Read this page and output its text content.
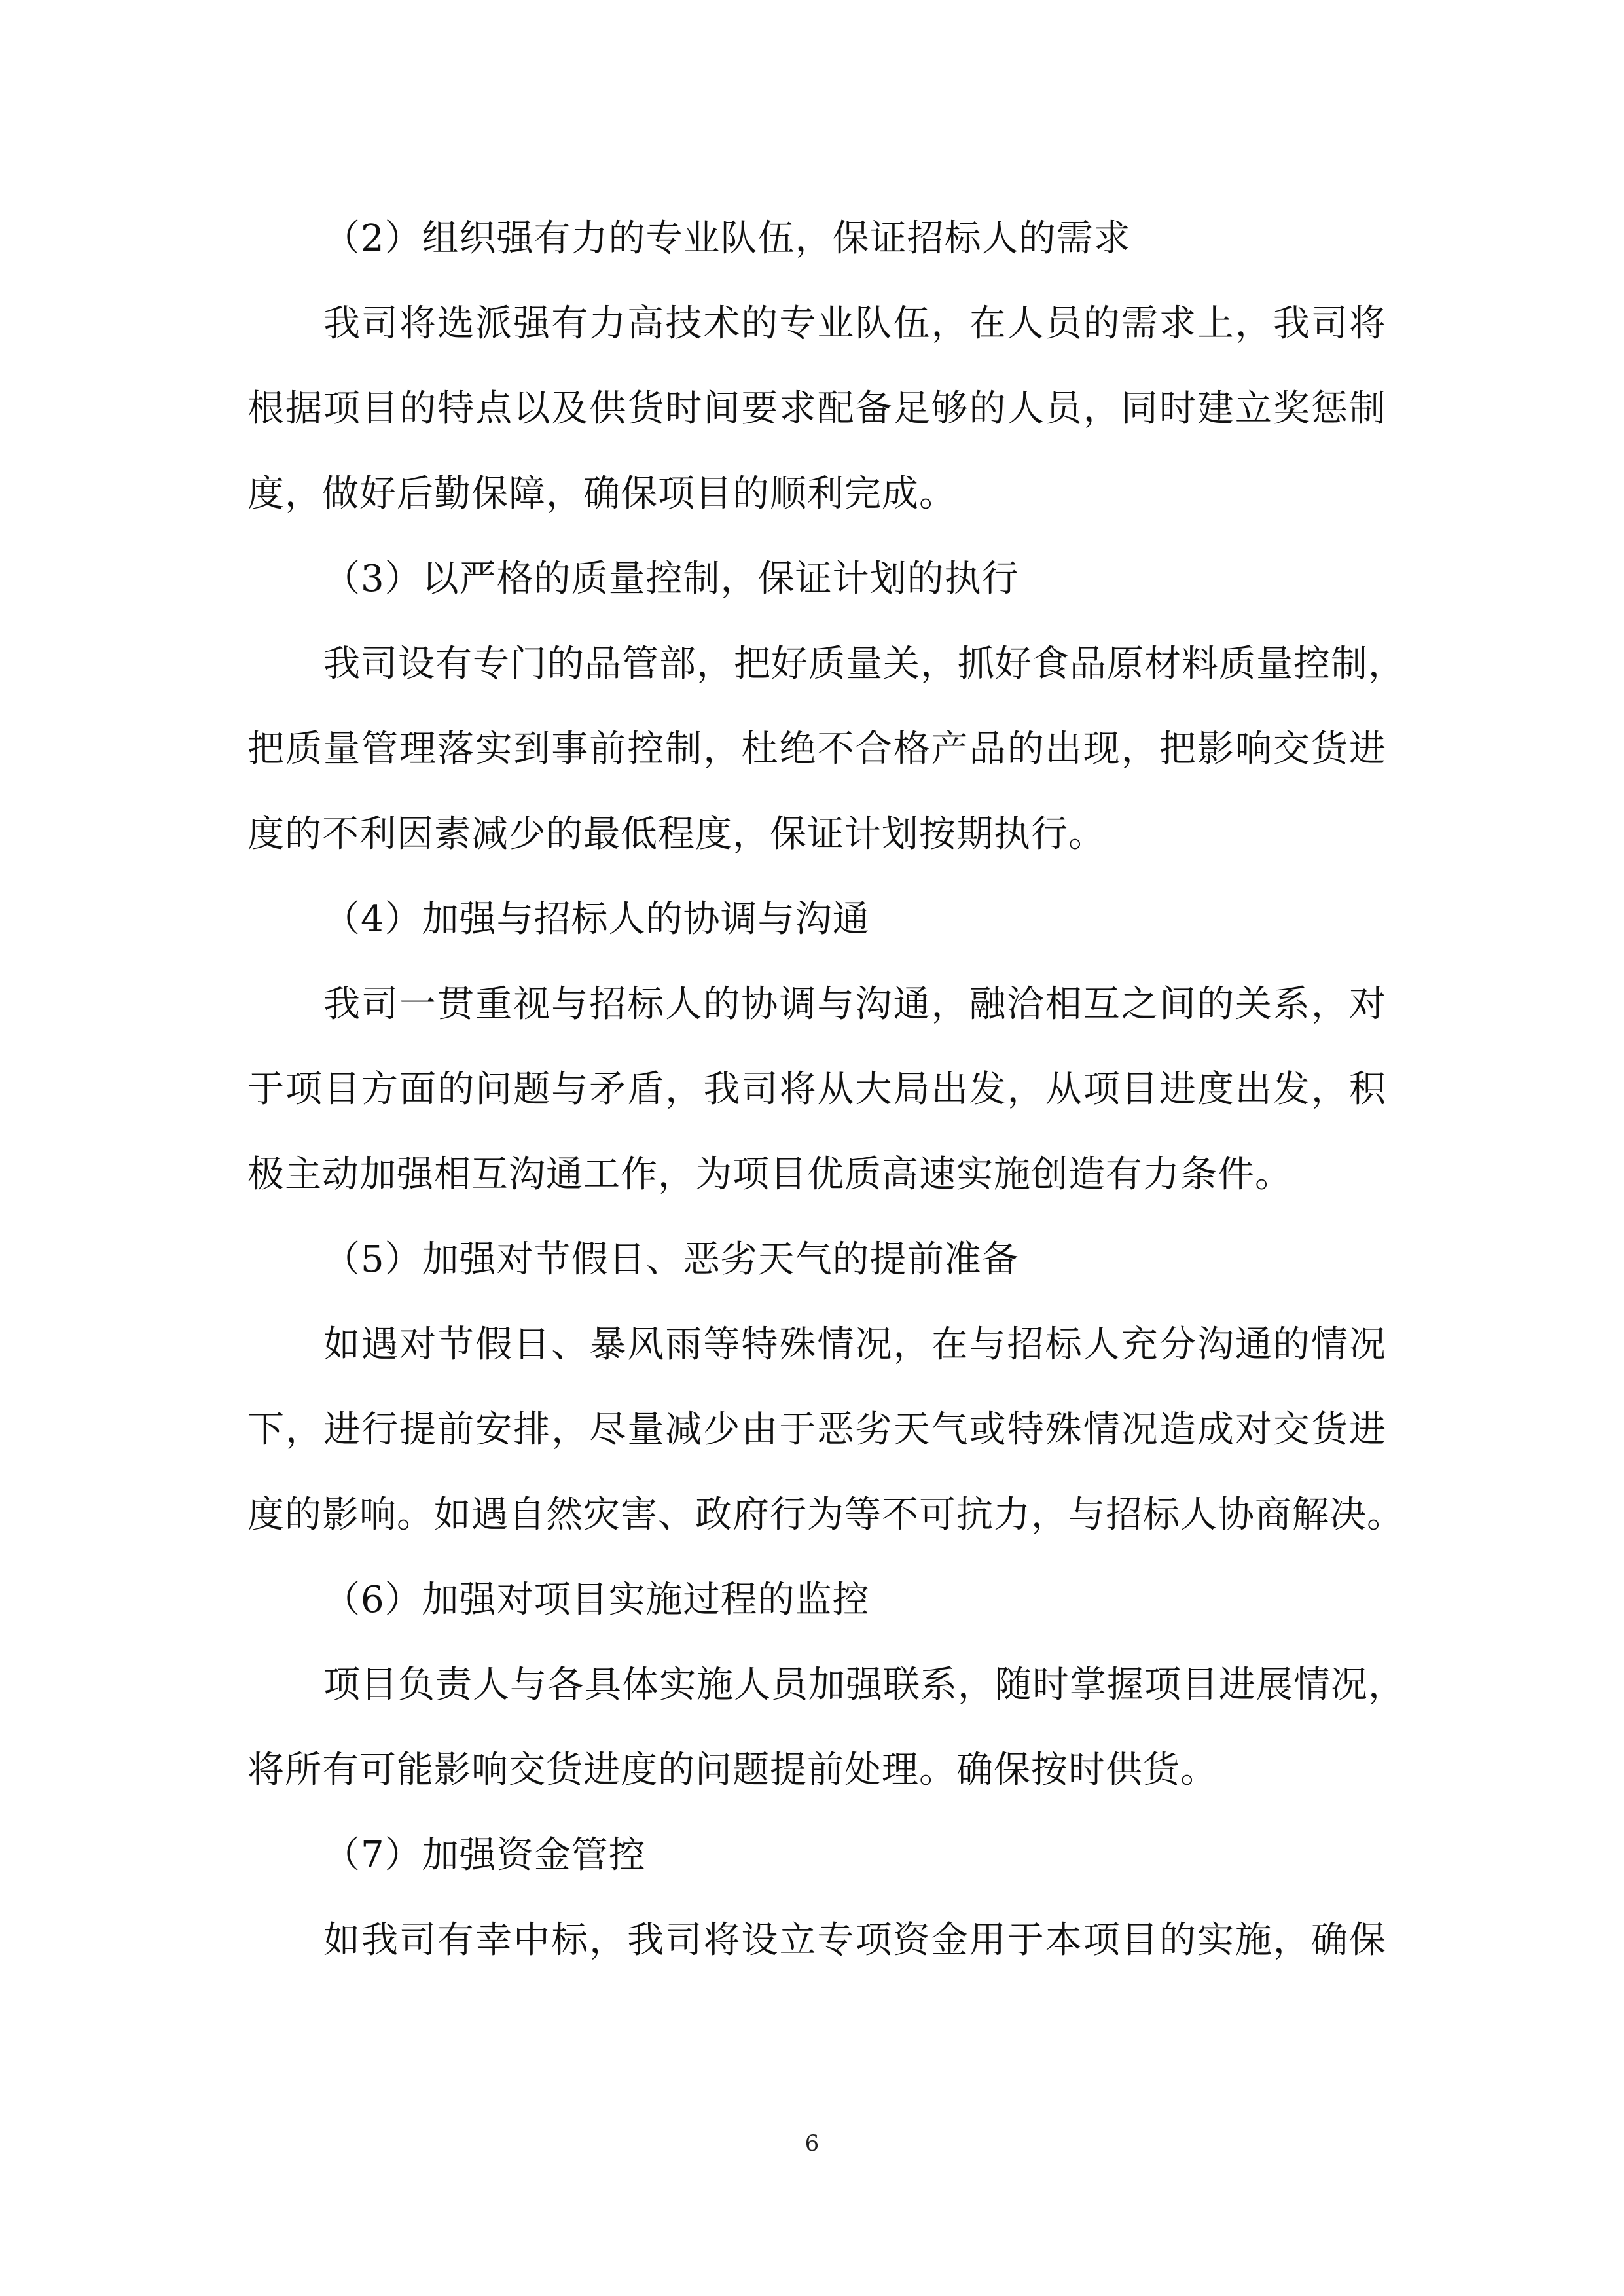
（2）组织强有力的专业队伍，保证招标人的需求
我司将选派强有力高技术的专业队伍，在人员的需求上，我司将
根据项目的特点以及供货时间要求配备足够的人员，同时建立奖惩制
度，做好后勤保障，确保项目的顺利完成。
（3）以严格的质量控制，保证计划的执行
我司设有专门的品管部，把好质量关，抓好食品原材料质量控制，
把质量管理落实到事前控制，杜绝不合格产品的出现，把影响交货进
度的不利因素减少的最低程度，保证计划按期执行。
（4）加强与招标人的协调与沟通
我司一贯重视与招标人的协调与沟通，融洽相互之间的关系，对
于项目方面的问题与矛盾，我司将从大局出发，从项目进度出发，积
极主动加强相互沟通工作，为项目优质高速实施创造有力条件。
（5）加强对节假日、恶劣天气的提前准备
如遇对节假日、暴风雨等特殊情况，在与招标人充分沟通的情况
下，进行提前安排，尽量减少由于恶劣天气或特殊情况造成对交货进
度的影响。如遇自然灾害、政府行为等不可抗力，与招标人协商解决。
（6）加强对项目实施过程的监控
项目负责人与各具体实施人员加强联系，随时掌握项目进展情况，
将所有可能影响交货进度的问题提前处理。确保按时供货。
（7）加强资金管控
如我司有幸中标，我司将设立专项资金用于本项目的实施，确保
6
